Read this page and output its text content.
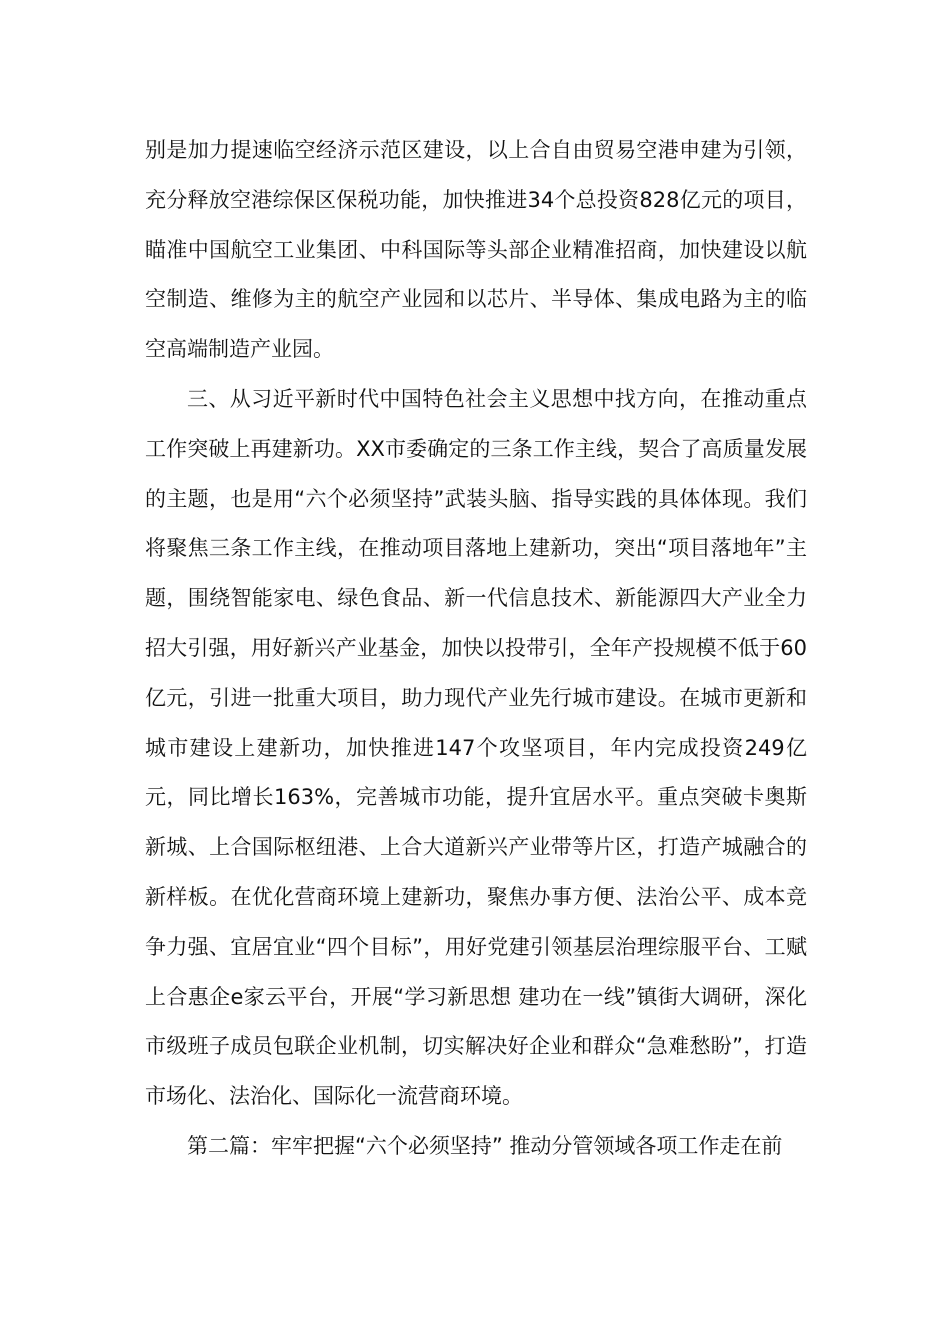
别是加力提速临空经济示范区建设，以上合自由贸易空港申建为引领，充分释放空港综保区保税功能，加快推进34个总投资828亿元的项目，瞄准中国航空工业集团、中科国际等头部企业精准招商，加快建设以航空制造、维修为主的航空产业园和以芯片、半导体、集成电路为主的临空高端制造产业园。

三、从习近平新时代中国特色社会主义思想中找方向，在推动重点工作突破上再建新功。XX市委确定的三条工作主线，契合了高质量发展的主题，也是用“六个必须坚持”武装头脑、指导实践的具体体现。我们将聚焦三条工作主线，在推动项目落地上建新功，突出“项目落地年”主题，围绕智能家电、绿色食品、新一代信息技术、新能源四大产业全力招大引强，用好新兴产业基金，加快以投带引，全年产投规模不低于60亿元，引进一批重大项目，助力现代产业先行城市建设。在城市更新和城市建设上建新功，加快推进147个攻坚项目，年内完成投资249亿元，同比增长163%，完善城市功能，提升宜居水平。重点突破卡奥斯新城、上合国际枢纽港、上合大道新兴产业带等片区，打造产城融合的新样板。在优化营商环境上建新功，聚焦办事方便、法治公平、成本竞争力强、宜居宜业“四个目标”，用好党建引领基层治理综服平台、工赋上合惠企e家云平台，开展“学习新思想 建功在一线”镇街大调研，深化市级班子成员包联企业机制，切实解决好企业和群众“急难愁盼”，打造市场化、法治化、国际化一流营商环境。

第二篇：牢牢把握“六个必须坚持” 推动分管领域各项工作走在前
